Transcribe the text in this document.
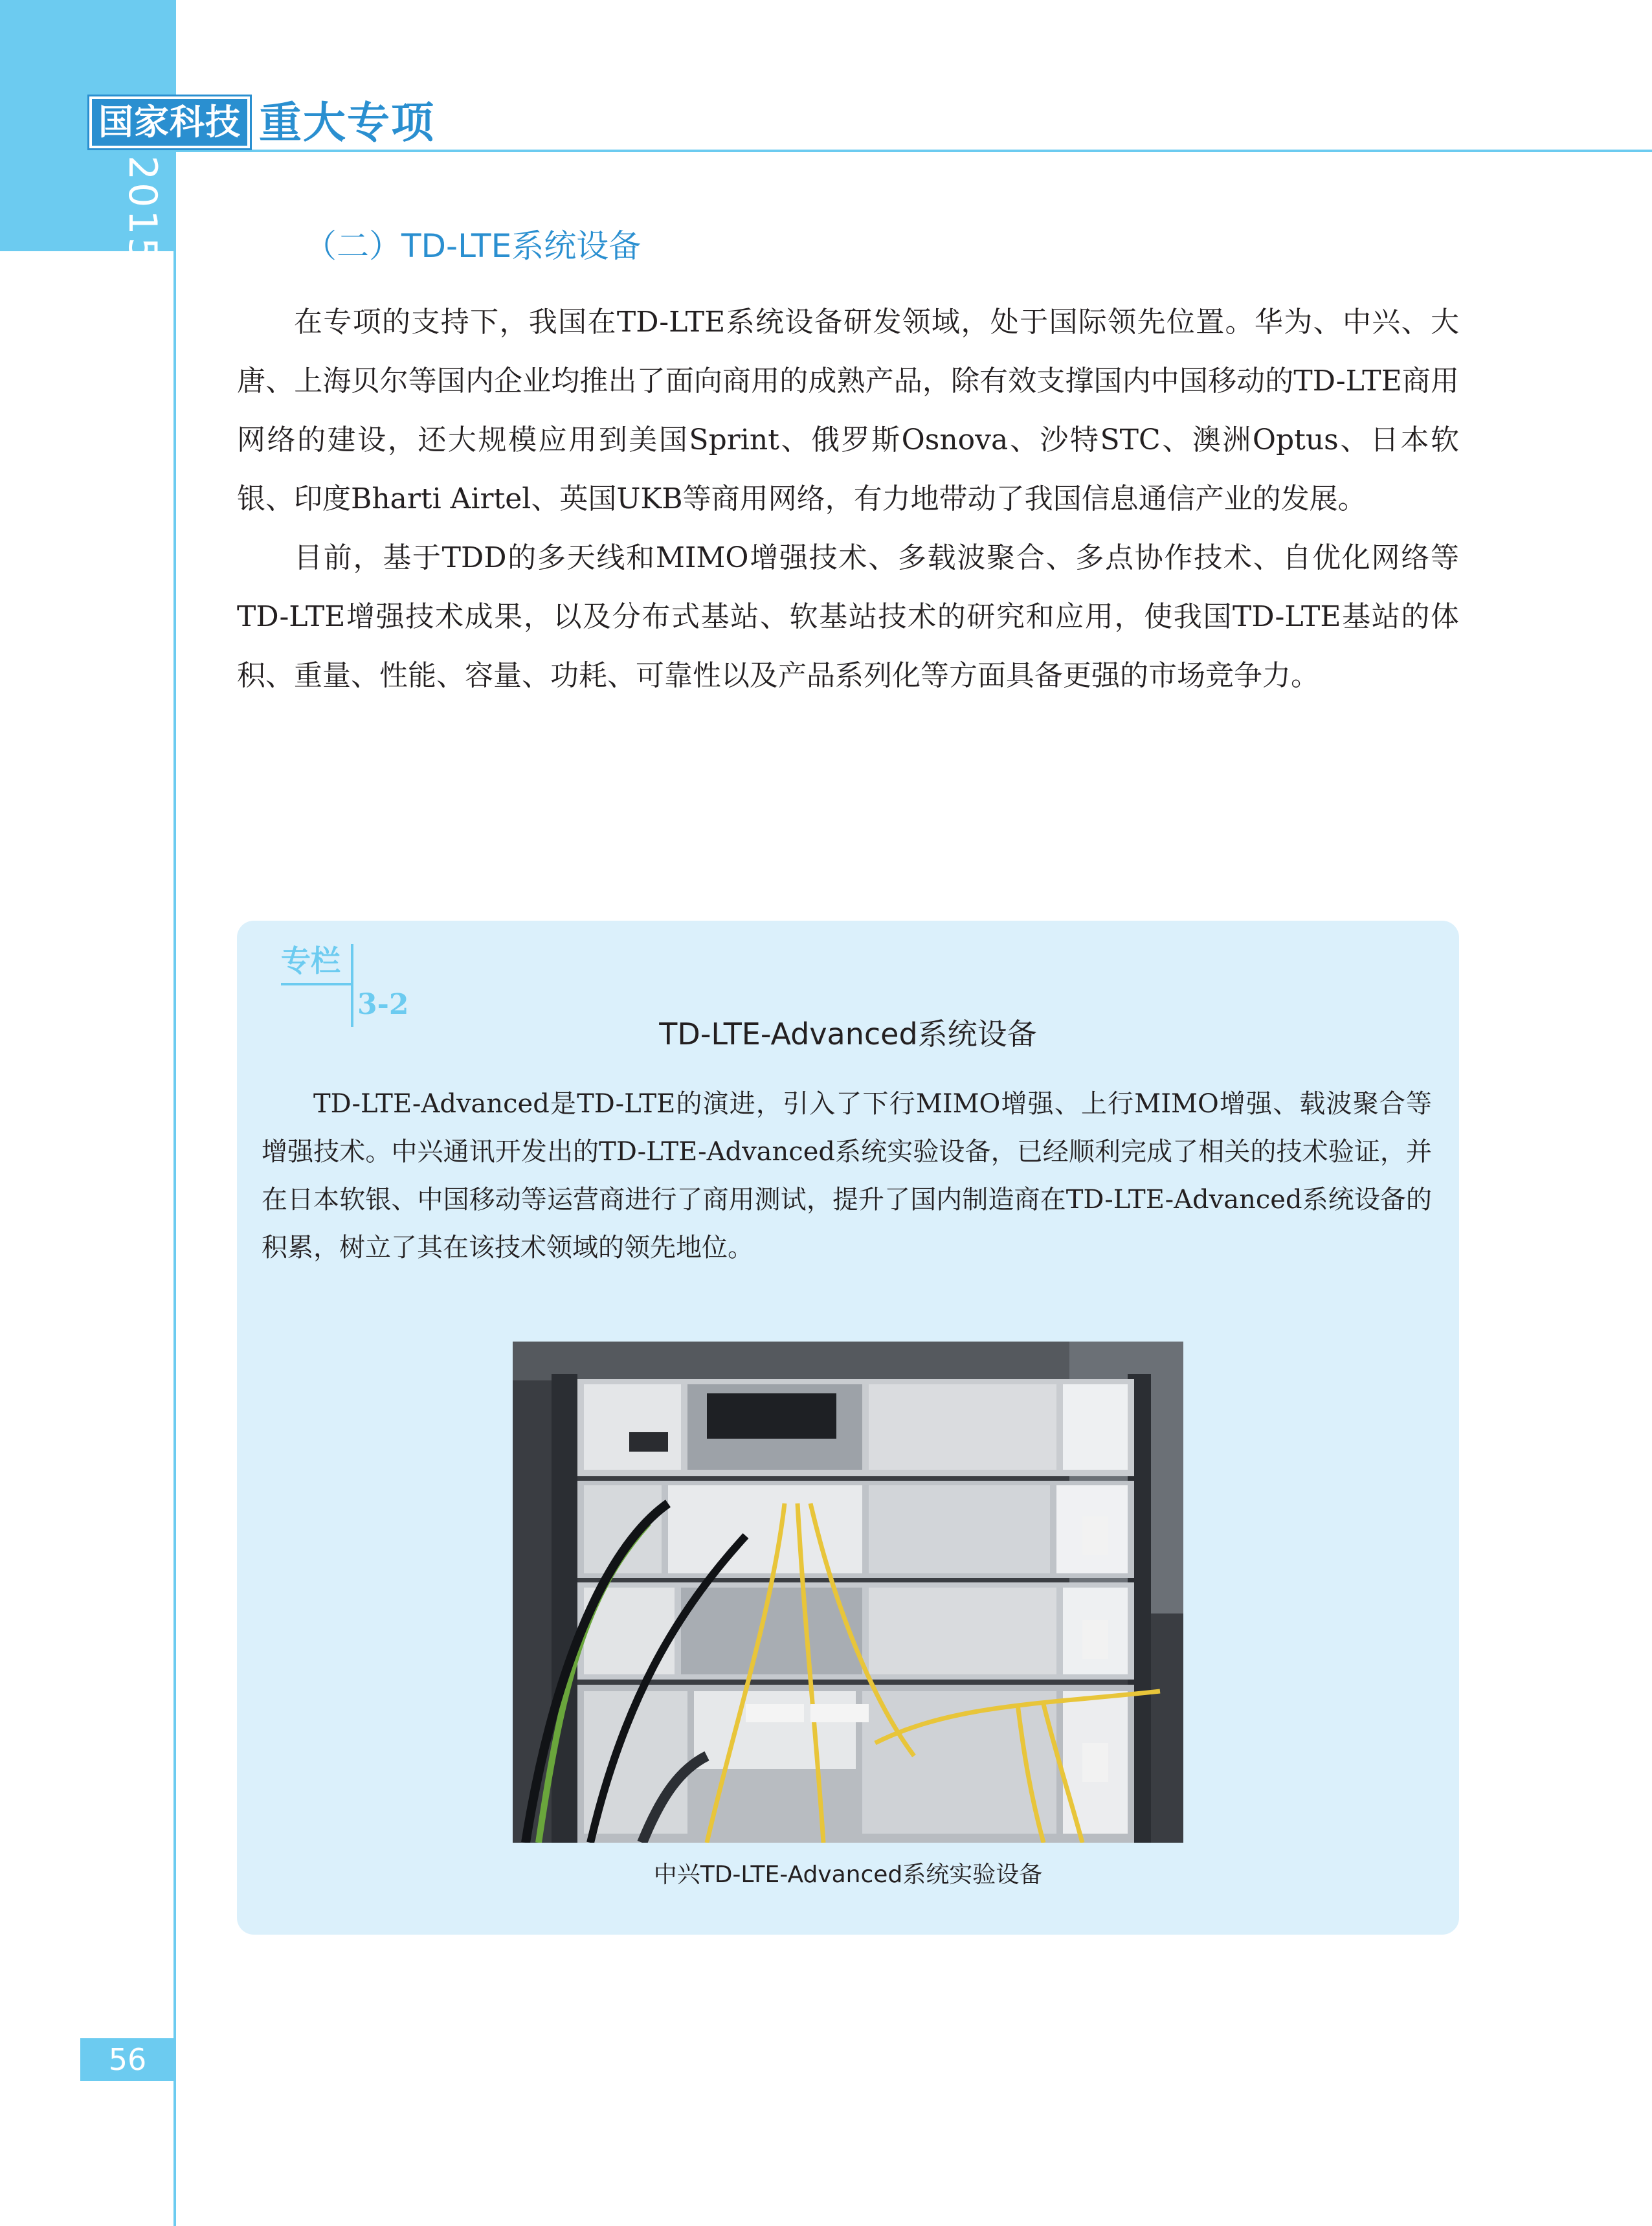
国家科技 重大专项
2015 年度报告
56
（二）TD-LTE系统设备

在专项的支持下，我国在TD-LTE系统设备研发领域，处于国际领先位置。华为、中兴、大唐、上海贝尔等国内企业均推出了面向商用的成熟产品，除有效支撑国内中国移动的TD-LTE商用网络的建设，还大规模应用到美国Sprint、俄罗斯Osnova、沙特STC、澳洲Optus、日本软银、印度Bharti Airtel、英国UKB等商用网络，有力地带动了我国信息通信产业的发展。

目前，基于TDD的多天线和MIMO增强技术、多载波聚合、多点协作技术、自优化网络等TD-LTE增强技术成果，以及分布式基站、软基站技术的研究和应用，使我国TD-LTE基站的体积、重量、性能、容量、功耗、可靠性以及产品系列化等方面具备更强的市场竞争力。

专栏
3-2
TD-LTE-Advanced系统设备

TD-LTE-Advanced是TD-LTE的演进，引入了下行MIMO增强、上行MIMO增强、载波聚合等增强技术。中兴通讯开发出的TD-LTE-Advanced系统实验设备，已经顺利完成了相关的技术验证，并在日本软银、中国移动等运营商进行了商用测试，提升了国内制造商在TD-LTE-Advanced系统设备的积累，树立了其在该技术领域的领先地位。

中兴TD-LTE-Advanced系统实验设备
